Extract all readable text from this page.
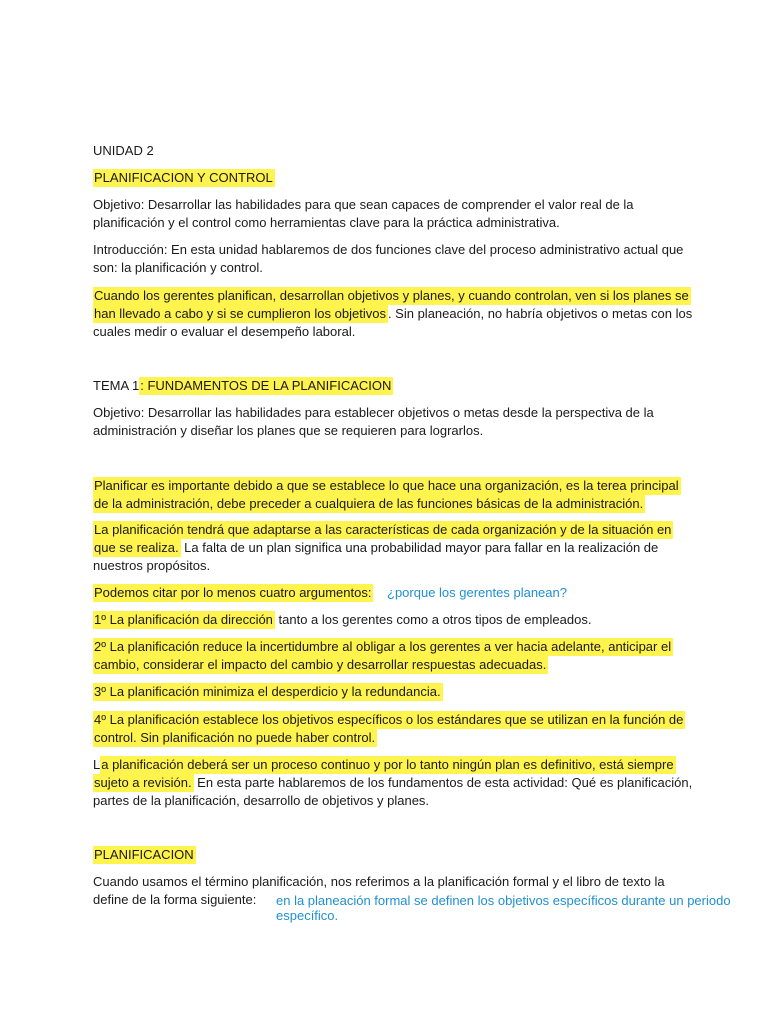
UNIDAD 2

PLANIFICACION Y CONTROL

Objetivo: Desarrollar las habilidades para que sean capaces de comprender el valor real de la planificación y el control como herramientas clave para la práctica administrativa.

Introducción: En esta unidad hablaremos de dos funciones clave del proceso administrativo actual que son: la planificación y control.

Cuando los gerentes planifican, desarrollan objetivos y planes, y cuando controlan, ven si los planes se han llevado a cabo y si se cumplieron los objetivos . Sin planeación, no habría objetivos o metas con los cuales medir o evaluar el desempeño laboral.

TEMA 1: FUNDAMENTOS DE LA PLANIFICACION

Objetivo: Desarrollar las habilidades para establecer objetivos o metas desde la perspectiva de la administración y diseñar los planes que se requieren para lograrlos.

Planificar es importante debido a que se establece lo que hace una organización, es la terea principal de la administración, debe preceder a cualquiera de las funciones básicas de la administración.

La planificación tendrá que adaptarse a las características de cada organización y de la situación en que se realiza. La falta de un plan significa una probabilidad mayor para fallar en la realización de nuestros propósitos.

Podemos citar por lo menos cuatro argumentos:	¿porque los gerentes planean?

1º La planificación da dirección tanto a los gerentes como a otros tipos de empleados.

2º La planificación reduce la incertidumbre al obligar a los gerentes a ver hacia adelante, anticipar el cambio, considerar el impacto del cambio y desarrollar respuestas adecuadas.

3º La planificación minimiza el desperdicio y la redundancia.

4º La planificación establece los objetivos específicos o los estándares que se utilizan en la función de control. Sin planificación no puede haber control.

La planificación deberá ser un proceso continuo y por lo tanto ningún plan es definitivo, está siempre sujeto a revisión. En esta parte hablaremos de los fundamentos de esta actividad: Qué es planificación, partes de la planificación, desarrollo de objetivos y planes.

PLANIFICACION

Cuando usamos el término planificación, nos referimos a la planificación formal y el libro de texto la define de la forma siguiente:	en la planeación formal se definen los objetivos específicos durante un periodo específico.
